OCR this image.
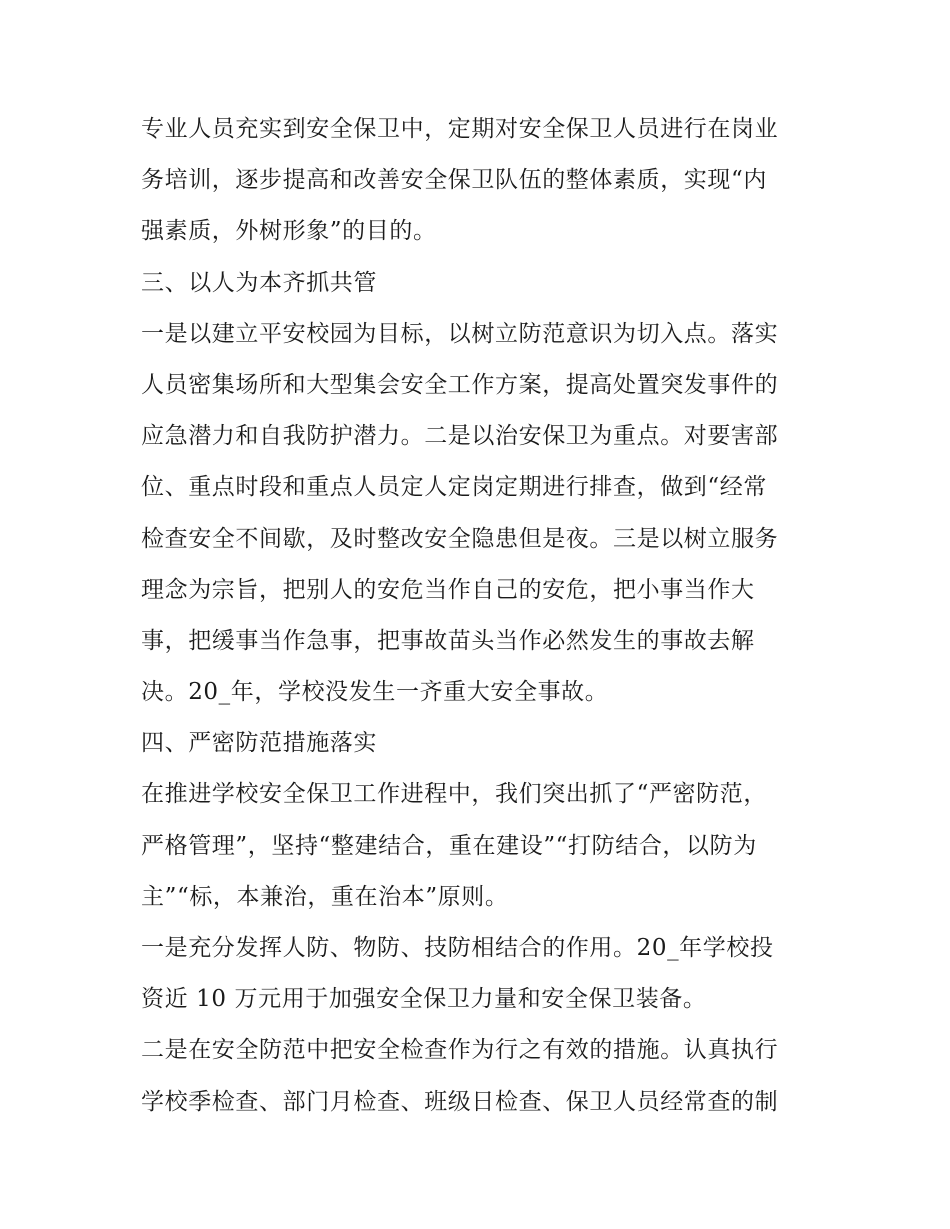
专业人员充实到安全保卫中，定期对安全保卫人员进行在岗业
务培训，逐步提高和改善安全保卫队伍的整体素质，实现“内
强素质，外树形象”的目的。
三、以人为本齐抓共管
一是以建立平安校园为目标，以树立防范意识为切入点。落实
人员密集场所和大型集会安全工作方案，提高处置突发事件的
应急潜力和自我防护潜力。二是以治安保卫为重点。对要害部
位、重点时段和重点人员定人定岗定期进行排查，做到“经常
检查安全不间歇，及时整改安全隐患但是夜。三是以树立服务
理念为宗旨，把别人的安危当作自己的安危，把小事当作大
事，把缓事当作急事，把事故苗头当作必然发生的事故去解
决。20_年，学校没发生一齐重大安全事故。
四、严密防范措施落实
在推进学校安全保卫工作进程中，我们突出抓了“严密防范，
严格管理”，坚持“整建结合，重在建设”“打防结合，以防为
主”“标，本兼治，重在治本”原则。
一是充分发挥人防、物防、技防相结合的作用。20_年学校投
资近 10 万元用于加强安全保卫力量和安全保卫装备。
二是在安全防范中把安全检查作为行之有效的措施。认真执行
学校季检查、部门月检查、班级日检查、保卫人员经常查的制
